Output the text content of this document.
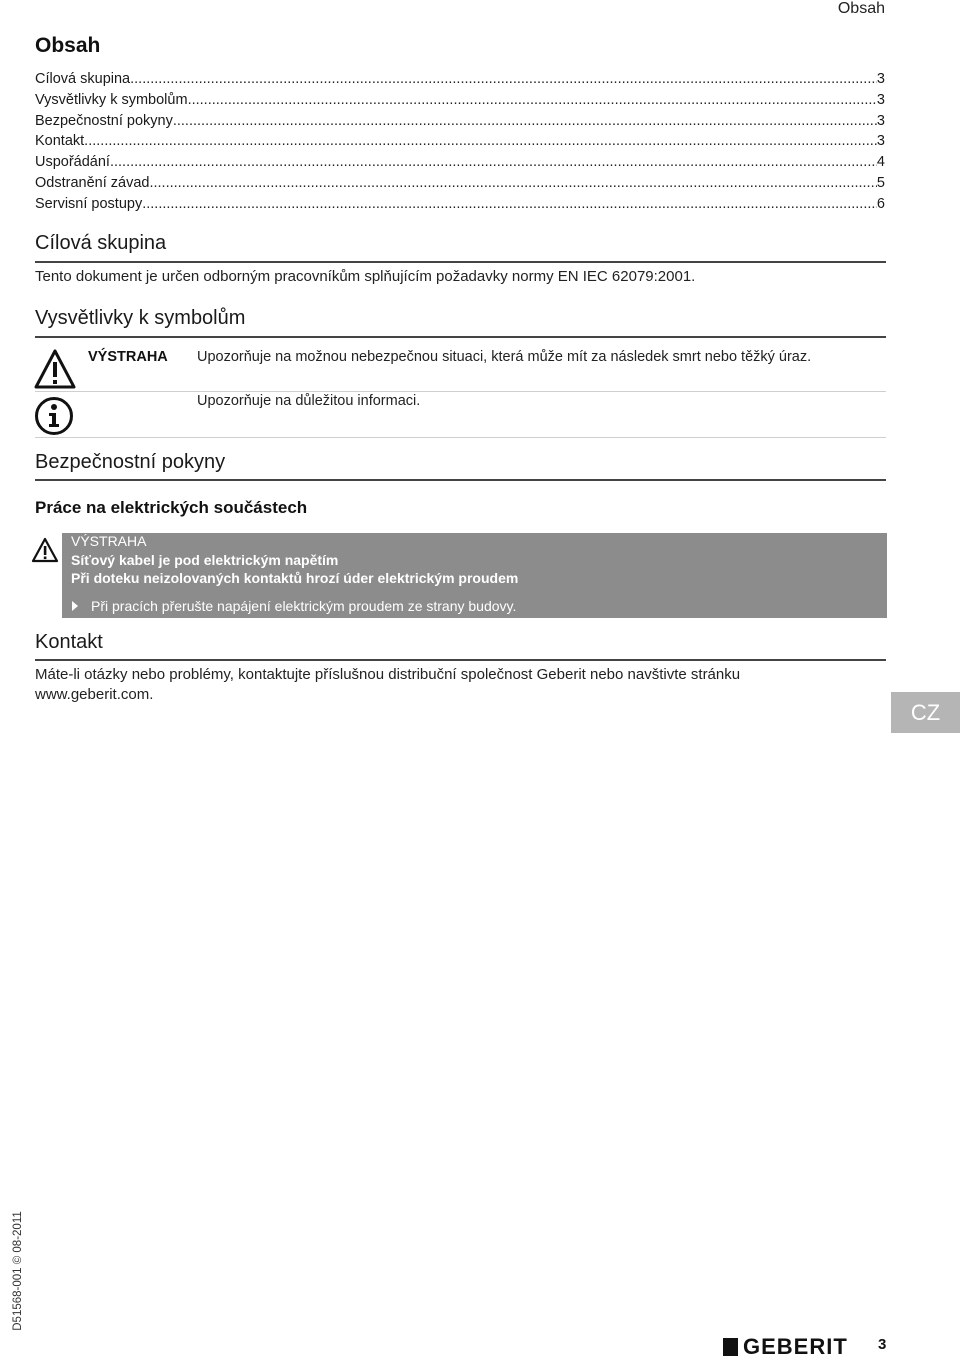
Obsah
Obsah
Cílová skupina .....	3
Vysvětlivky k symbolům .....	3
Bezpečnostní pokyny .....	3
Kontakt .....	3
Uspořádání .....	4
Odstranění závad .....	5
Servisní postupy .....	6
Cílová skupina
Tento dokument je určen odborným pracovníkům splňujícím požadavky normy EN IEC 62079:2001.
Vysvětlivky k symbolům
VÝSTRAHA Upozorňuje na možnou nebezpečnou situaci, která může mít za následek smrt nebo těžký úraz.
Upozorňuje na důležitou informaci.
Bezpečnostní pokyny
Práce na elektrických součástech
VÝSTRAHA
Síťový kabel je pod elektrickým napětím
Při doteku neizolovaných kontaktů hrozí úder elektrickým proudem
Při pracích přerušte napájení elektrickým proudem ze strany budovy.
Kontakt
Máte-li otázky nebo problémy, kontaktujte příslušnou distribuční společnost Geberit nebo navštivte stránku
www.geberit.com.
CZ
D51568-001 © 08-2011
GEBERIT 3
